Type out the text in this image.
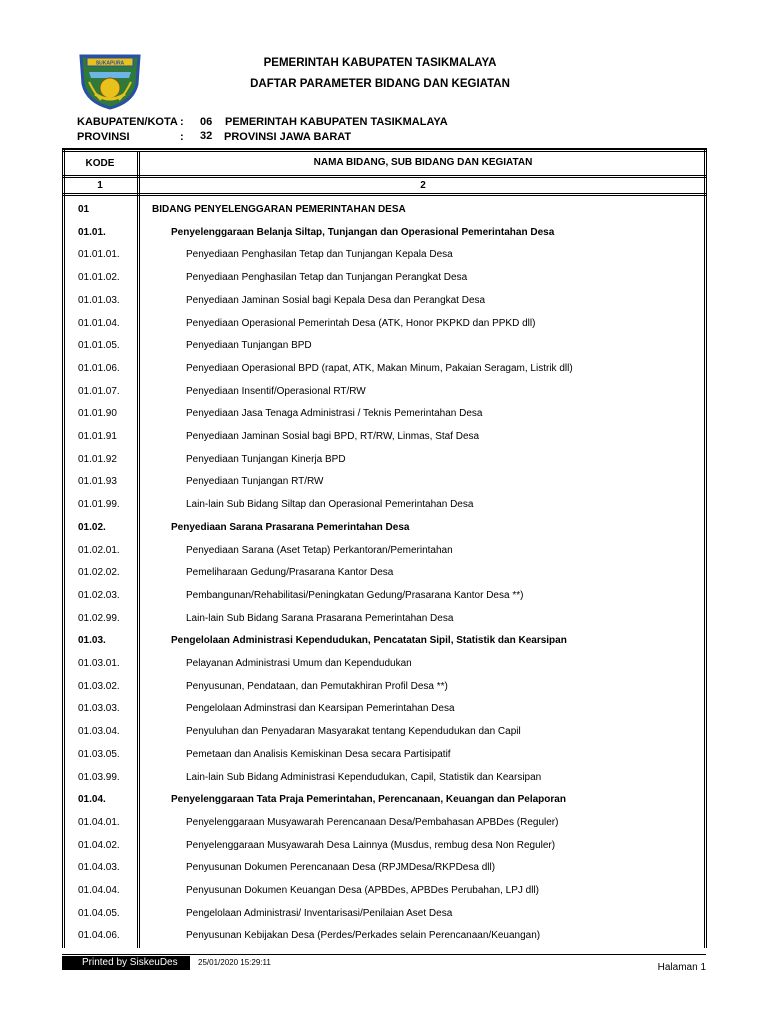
SUKAPURA	PEMERINTAH KABUPATEN TASIKMALAYA
DAFTAR PARAMETER BIDANG DAN KEGIATAN
KABUPATEN/KOTA : 06 PEMERINTAH KABUPATEN TASIKMALAYA
PROVINSI	: 32 PROVINSI JAWA BARAT
KODE	NAMA BIDANG, SUB BIDANG DAN KEGIATAN
1	2
01	BIDANG PENYELENGGARAN PEMERINTAHAN DESA
01.01.	Penyelenggaraan Belanja Siltap, Tunjangan dan Operasional Pemerintahan Desa
01.01.01.	Penyediaan Penghasilan Tetap dan Tunjangan Kepala Desa
01.01.02.	Penyediaan Penghasilan Tetap dan Tunjangan Perangkat Desa
01.01.03.	Penyediaan Jaminan Sosial bagi Kepala Desa dan Perangkat Desa
01.01.04.	Penyediaan Operasional Pemerintah Desa (ATK, Honor PKPKD dan PPKD dll)
01.01.05.	Penyediaan Tunjangan BPD
01.01.06.	Penyediaan Operasional BPD (rapat, ATK, Makan Minum, Pakaian Seragam, Listrik dll)
01.01.07.	Penyediaan Insentif/Operasional RT/RW
01.01.90	Penyediaan Jasa Tenaga Administrasi / Teknis Pemerintahan Desa
01.01.91	Penyediaan Jaminan Sosial bagi BPD, RT/RW, Linmas, Staf Desa
01.01.92	Penyediaan Tunjangan Kinerja BPD
01.01.93	Penyediaan Tunjangan RT/RW
01.01.99.	Lain-lain Sub Bidang Siltap dan Operasional Pemerintahan Desa
01.02.	Penyediaan Sarana Prasarana Pemerintahan Desa
01.02.01.	Penyediaan Sarana (Aset Tetap) Perkantoran/Pemerintahan
01.02.02.	Pemeliharaan Gedung/Prasarana Kantor Desa
01.02.03.	Pembangunan/Rehabilitasi/Peningkatan Gedung/Prasarana Kantor Desa **)
01.02.99.	Lain-lain Sub Bidang Sarana Prasarana Pemerintahan Desa
01.03.	Pengelolaan Administrasi Kependudukan, Pencatatan Sipil, Statistik dan Kearsipan
01.03.01.	Pelayanan Administrasi Umum dan Kependudukan
01.03.02.	Penyusunan, Pendataan, dan Pemutakhiran Profil Desa **)
01.03.03.	Pengelolaan Adminstrasi dan Kearsipan Pemerintahan Desa
01.03.04.	Penyuluhan dan Penyadaran Masyarakat tentang Kependudukan dan Capil
01.03.05.	Pemetaan dan Analisis Kemiskinan Desa secara Partisipatif
01.03.99.	Lain-lain Sub Bidang Administrasi Kependudukan, Capil, Statistik dan Kearsipan
01.04.	Penyelenggaraan Tata Praja Pemerintahan, Perencanaan, Keuangan dan Pelaporan
01.04.01.	Penyelenggaraan Musyawarah Perencanaan Desa/Pembahasan APBDes (Reguler)
01.04.02.	Penyelenggaraan Musyawarah Desa Lainnya (Musdus, rembug desa Non Reguler)
01.04.03.	Penyusunan Dokumen Perencanaan Desa (RPJMDesa/RKPDesa dll)
01.04.04.	Penyusunan Dokumen Keuangan Desa (APBDes, APBDes Perubahan, LPJ dll)
01.04.05.	Pengelolaan Administrasi/ Inventarisasi/Penilaian Aset Desa
01.04.06.	Penyusunan Kebijakan Desa (Perdes/Perkades selain Perencanaan/Keuangan)
Printed by SiskeuDes	25/01/2020 15:29:11	Halaman 1
